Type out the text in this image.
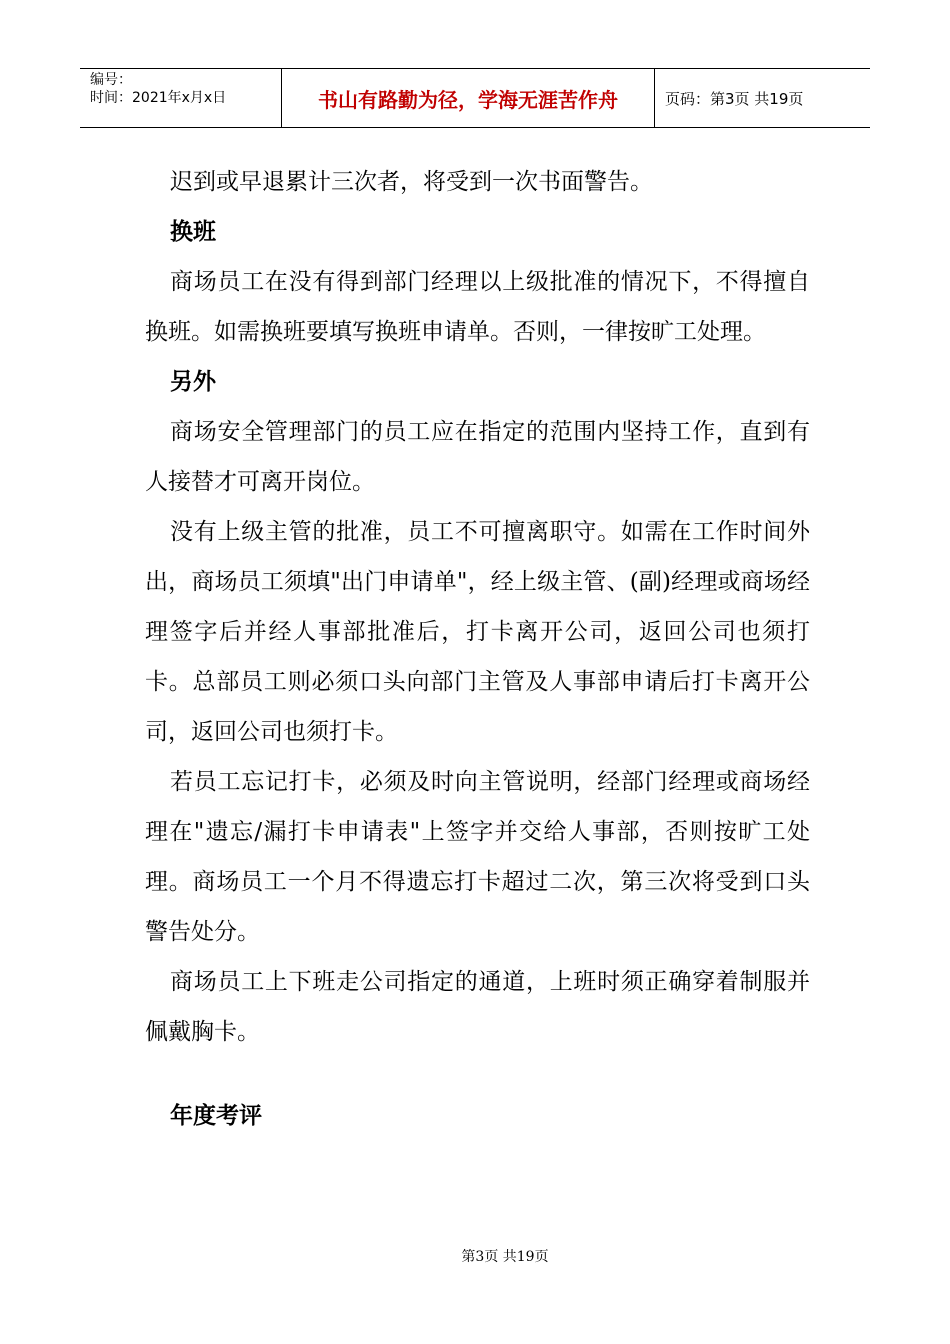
编号：
时间：2021年x月x日	书山有路勤为径，学海无涯苦作舟	页码：第3页 共19页

迟到或早退累计三次者，将受到一次书面警告。

换班

商场员工在没有得到部门经理以上级批准的情况下，不得擅自换班。如需换班要填写换班申请单。否则，一律按旷工处理。

另外

商场安全管理部门的员工应在指定的范围内坚持工作，直到有人接替才可离开岗位。

没有上级主管的批准，员工不可擅离职守。如需在工作时间外出，商场员工须填"出门申请单"，经上级主管、(副)经理或商场经理签字后并经人事部批准后，打卡离开公司，返回公司也须打卡。总部员工则必须口头向部门主管及人事部申请后打卡离开公司，返回公司也须打卡。

若员工忘记打卡，必须及时向主管说明，经部门经理或商场经理在"遗忘/漏打卡申请表"上签字并交给人事部，否则按旷工处理。商场员工一个月不得遗忘打卡超过二次，第三次将受到口头警告处分。

商场员工上下班走公司指定的通道，上班时须正确穿着制服并佩戴胸卡。

年度考评

第3页 共19页
